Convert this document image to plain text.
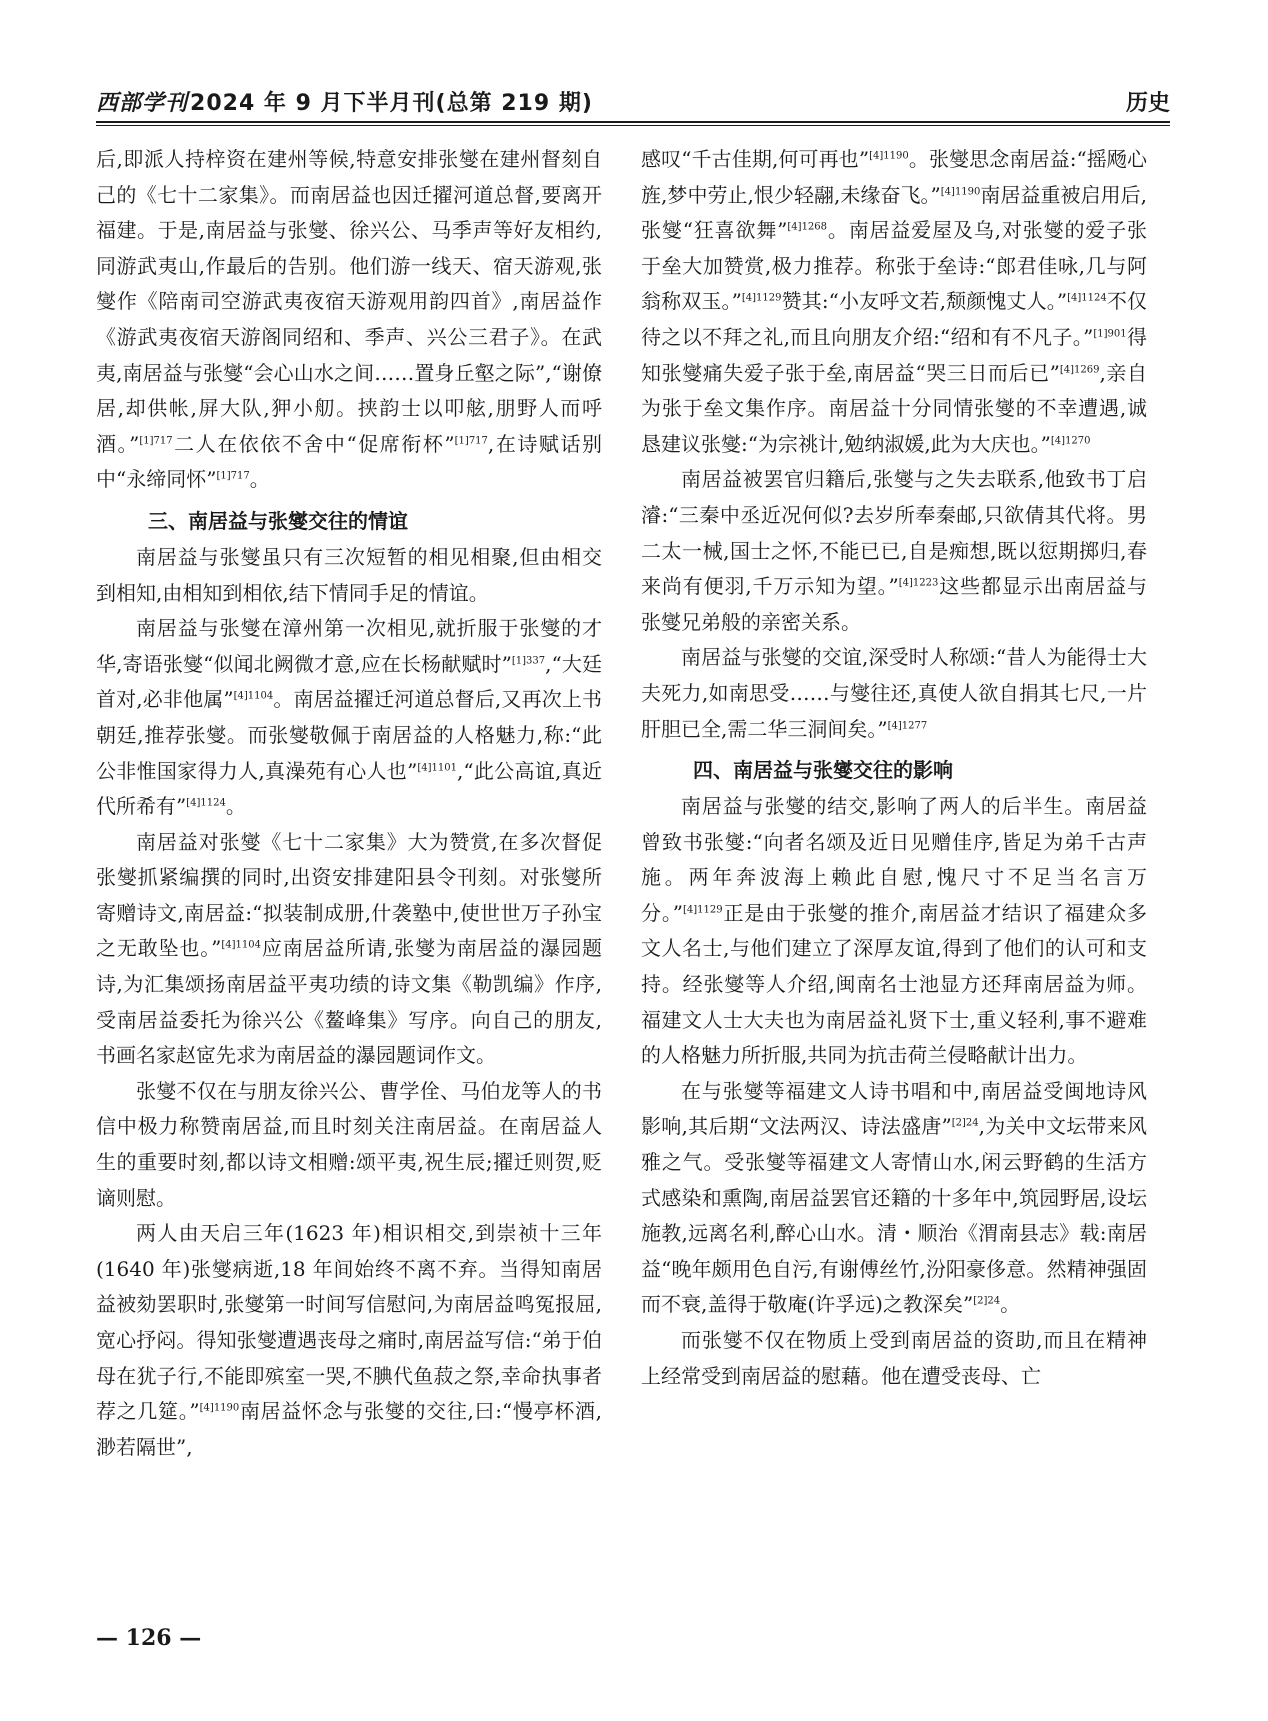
西部学刊2024 年 9 月下半月刊(总第 219 期)	历史

后,即派人持梓资在建州等候,特意安排张燮在建州督刻自己的《七十二家集》。而南居益也因迁擢河道总督,要离开福建。于是,南居益与张燮、徐兴公、马季声等好友相约,同游武夷山,作最后的告别。他们游一线天、宿天游观,张燮作《陪南司空游武夷夜宿天游观用韵四首》,南居益作《游武夷夜宿天游阁同绍和、季声、兴公三君子》。在武夷,南居益与张燮“会心山水之间……置身丘壑之际”,“谢僚居,却供帐,屏大队,狎小舠。挟韵士以叩舷,朋野人而呼酒。”$^{[1]717}$二人在依依不舍中“促席衔杯”$^{[1]717}$,在诗赋话别中“永缔同怀”$^{[1]717}$。

三、南居益与张燮交往的情谊

南居益与张燮虽只有三次短暂的相见相聚,但由相交到相知,由相知到相依,结下情同手足的情谊。

南居益与张燮在漳州第一次相见,就折服于张燮的才华,寄语张燮“似闻北阙微才意,应在长杨献赋时”$^{[1]337}$,“大廷首对,必非他属”$^{[4]1104}$。南居益擢迁河道总督后,又再次上书朝廷,推荐张燮。而张燮敬佩于南居益的人格魅力,称:“此公非惟国家得力人,真澡苑有心人也”$^{[4]1101}$,“此公高谊,真近代所希有”$^{[4]1124}$。

南居益对张燮《七十二家集》大为赞赏,在多次督促张燮抓紧编撰的同时,出资安排建阳县令刊刻。对张燮所寄赠诗文,南居益:“拟装制成册,什袭塾中,使世世万子孙宝之无敢坠也。”$^{[4]1104}$应南居益所请,张燮为南居益的瀑园题诗,为汇集颂扬南居益平夷功绩的诗文集《勒凯编》作序,受南居益委托为徐兴公《鳌峰集》写序。向自己的朋友,书画名家赵宧先求为南居益的瀑园题词作文。

张燮不仅在与朋友徐兴公、曹学佺、马伯龙等人的书信中极力称赞南居益,而且时刻关注南居益。在南居益人生的重要时刻,都以诗文相赠:颂平夷,祝生辰;擢迁则贺,贬谪则慰。

两人由天启三年(1623 年)相识相交,到崇祯十三年(1640 年)张燮病逝,18 年间始终不离不弃。当得知南居益被劾罢职时,张燮第一时间写信慰问,为南居益鸣冤报屈,宽心抒闷。得知张燮遭遇丧母之痛时,南居益写信:“弟于伯母在犹子行,不能即殡室一哭,不腆代鱼菽之祭,幸命执事者荐之几筵。”$^{[4]1190}$南居益怀念与张燮的交往,曰:“慢亭杯酒,渺若隔世”,

感叹“千古佳期,何可再也”$^{[4]1190}$。张燮思念南居益:“摇飏心旌,梦中劳止,恨少轻翮,未缘奋飞。”$^{[4]1190}$南居益重被启用后,张燮“狂喜欲舞”$^{[4]1268}$。南居益爱屋及乌,对张燮的爱子张于垒大加赞赏,极力推荐。称张于垒诗:“郎君佳咏,几与阿翁称双玉。”$^{[4]1129}$赞其:“小友呼文若,颓颜愧丈人。”$^{[4]1124}$不仅待之以不拜之礼,而且向朋友介绍:“绍和有不凡子。”$^{[1]901}$得知张燮痛失爱子张于垒,南居益“哭三日而后已”$^{[4]1269}$,亲自为张于垒文集作序。南居益十分同情张燮的不幸遭遇,诚恳建议张燮:“为宗祧计,勉纳淑媛,此为大庆也。”$^{[4]1270}$

南居益被罢官归籍后,张燮与之失去联系,他致书丁启濬:“三秦中丞近况何似?去岁所奉秦邮,只欲倩其代将。男二太一械,国士之怀,不能已已,自是痴想,既以愆期掷归,春来尚有便羽,千万示知为望。”$^{[4]1223}$这些都显示出南居益与张燮兄弟般的亲密关系。

南居益与张燮的交谊,深受时人称颂:“昔人为能得士大夫死力,如南思受……与燮往还,真使人欲自捐其七尺,一片肝胆已全,需二华三洞间矣。”$^{[4]1277}$

四、南居益与张燮交往的影响

南居益与张燮的结交,影响了两人的后半生。南居益曾致书张燮:“向者名颂及近日见赠佳序,皆足为弟千古声施。两年奔波海上赖此自慰,愧尺寸不足当名言万分。”$^{[4]1129}$正是由于张燮的推介,南居益才结识了福建众多文人名士,与他们建立了深厚友谊,得到了他们的认可和支持。经张燮等人介绍,闽南名士池显方还拜南居益为师。福建文人士大夫也为南居益礼贤下士,重义轻利,事不避难的人格魅力所折服,共同为抗击荷兰侵略献计出力。

在与张燮等福建文人诗书唱和中,南居益受闽地诗风影响,其后期“文法两汉、诗法盛唐”$^{[2]24}$,为关中文坛带来风雅之气。受张燮等福建文人寄情山水,闲云野鹤的生活方式感染和熏陶,南居益罢官还籍的十多年中,筑园野居,设坛施教,远离名利,醉心山水。清・顺治《渭南县志》载:南居益“晚年颇用色自污,有谢傅丝竹,汾阳豪侈意。然精神强固而不衰,盖得于敬庵(许孚远)之教深矣”$^{[2]24}$。

而张燮不仅在物质上受到南居益的资助,而且在精神上经常受到南居益的慰藉。他在遭受丧母、亡

— 126 —
